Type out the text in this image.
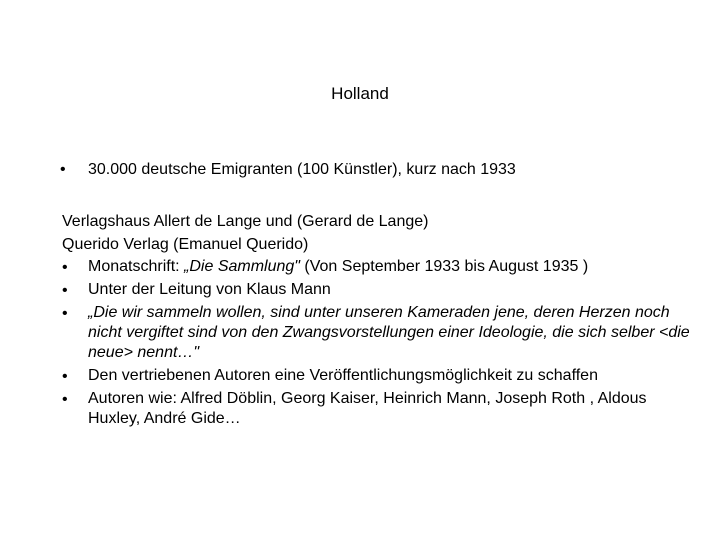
Holland
•	30.000 deutsche Emigranten (100 Künstler), kurz nach 1933

Verlagshaus Allert de Lange und (Gerard de Lange)

Querido Verlag (Emanuel Querido)

•	Monatschrift: „Die Sammlung" (Von September 1933 bis August 1935 )
•	Unter der Leitung von Klaus Mann
•	„Die wir sammeln wollen, sind unter unseren Kameraden jene, deren Herzen noch nicht vergiftet sind von den Zwangsvorstellungen einer Ideologie, die sich selber <die neue> nennt…"
•	Den vertriebenen Autoren eine Veröffentlichungsmöglichkeit zu schaffen
•	Autoren wie: Alfred Döblin, Georg Kaiser, Heinrich Mann, Joseph Roth , Aldous Huxley, André Gide…
